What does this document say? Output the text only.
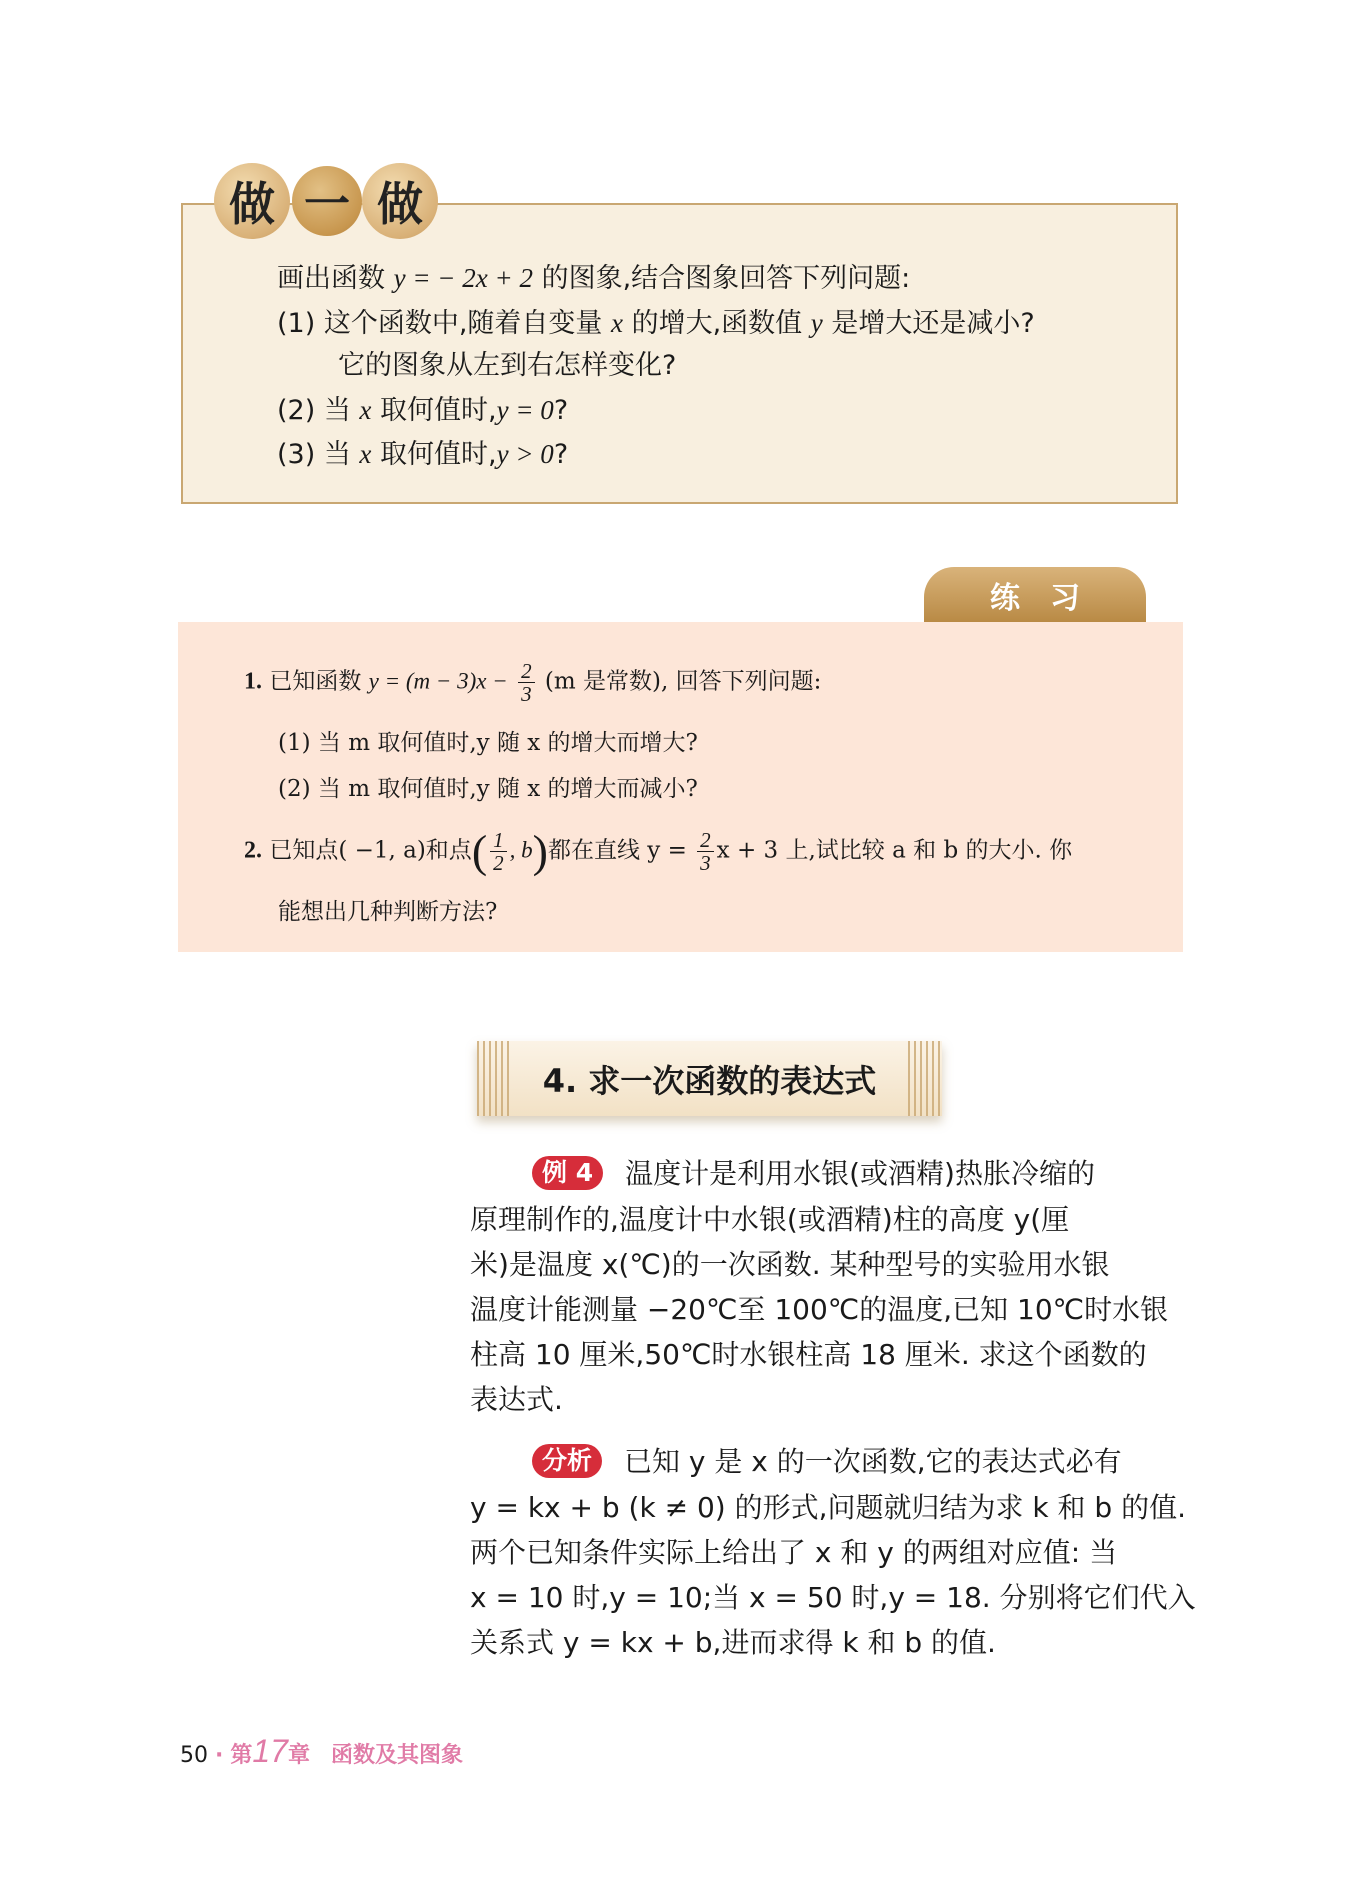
做 一 做
画出函数 y = − 2x + 2 的图象,结合图象回答下列问题:
(1) 这个函数中,随着自变量 x 的增大,函数值 y 是增大还是减小?
它的图象从左到右怎样变化?
(2) 当 x 取何值时,y = 0?
(3) 当 x 取何值时,y > 0?
练习
1. 已知函数 $y = (m - 3)x - \frac{2}{3} (m$ 是常数), 回答下列问题:
(1) 当 m 取何值时,y 随 x 的增大而增大?
(2) 当 m 取何值时,y 随 x 的增大而减小?
2. 已知点( −1, a)和点( $\frac{1}{2}$ , b)都在直线 $y = \frac{2}{3}$ x + 3 上,试比较 a 和 b 的大小. 你
能想出几种判断方法?
4. 求一次函数的表达式
例 4 温度计是利用水银(或酒精)热胀冷缩的
原理制作的,温度计中水银(或酒精)柱的高度 y(厘
米)是温度 x(℃)的一次函数. 某种型号的实验用水银
温度计能测量 −20℃至 100℃的温度,已知 10℃时水银
柱高 10 厘米,50℃时水银柱高 18 厘米. 求这个函数的
表达式.
分析 已知 y 是 x 的一次函数,它的表达式必有
y = kx + b (k ≠ 0) 的形式,问题就归结为求 k 和 b 的值.
两个已知条件实际上给出了 x 和 y 的两组对应值: 当
x = 10 时,y = 10;当 x = 50 时,y = 18. 分别将它们代入
关系式 y = kx + b,进而求得 k 和 b 的值.
50 · 第17章 函数及其图象
